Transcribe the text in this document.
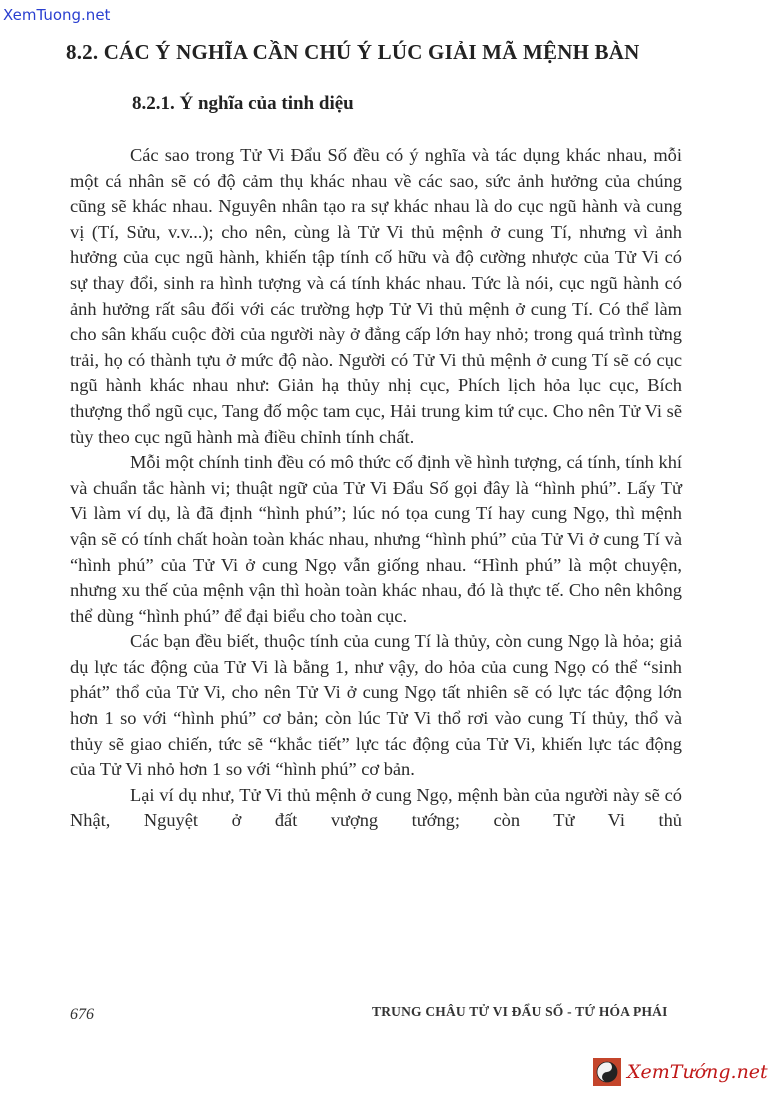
XemTuong.net
8.2. CÁC Ý NGHĨA CẦN CHÚ Ý LÚC GIẢI MÃ MỆNH BÀN
8.2.1. Ý nghĩa của tinh diệu

Các sao trong Tử Vi Đẩu Số đều có ý nghĩa và tác dụng khác nhau, mỗi một cá nhân sẽ có độ cảm thụ khác nhau về các sao, sức ảnh hưởng của chúng cũng sẽ khác nhau. Nguyên nhân tạo ra sự khác nhau là do cục ngũ hành và cung vị (Tí, Sửu, v.v...); cho nên, cùng là Tử Vi thủ mệnh ở cung Tí, nhưng vì ảnh hưởng của cục ngũ hành, khiến tập tính cố hữu và độ cường nhược của Tử Vi có sự thay đổi, sinh ra hình tượng và cá tính khác nhau. Tức là nói, cục ngũ hành có ảnh hưởng rất sâu đối với các trường hợp Tử Vi thủ mệnh ở cung Tí. Có thể làm cho sân khấu cuộc đời của người này ở đẳng cấp lớn hay nhỏ; trong quá trình từng trải, họ có thành tựu ở mức độ nào. Người có Tử Vi thủ mệnh ở cung Tí sẽ có cục ngũ hành khác nhau như: Giản hạ thủy nhị cục, Phích lịch hỏa lục cục, Bích thượng thổ ngũ cục, Tang đố mộc tam cục, Hải trung kim tứ cục. Cho nên Tử Vi sẽ tùy theo cục ngũ hành mà điều chỉnh tính chất.

Mỗi một chính tinh đều có mô thức cố định về hình tượng, cá tính, tính khí và chuẩn tắc hành vi; thuật ngữ của Tử Vi Đẩu Số gọi đây là “hình phú”. Lấy Tử Vi làm ví dụ, là đã định “hình phú”; lúc nó tọa cung Tí hay cung Ngọ, thì mệnh vận sẽ có tính chất hoàn toàn khác nhau, nhưng “hình phú” của Tử Vi ở cung Tí và “hình phú” của Tử Vi ở cung Ngọ vẫn giống nhau. “Hình phú” là một chuyện, nhưng xu thế của mệnh vận thì hoàn toàn khác nhau, đó là thực tế. Cho nên không thể dùng “hình phú” để đại biểu cho toàn cục.

Các bạn đều biết, thuộc tính của cung Tí là thủy, còn cung Ngọ là hỏa; giả dụ lực tác động của Tử Vi là bằng 1, như vậy, do hỏa của cung Ngọ có thể “sinh phát” thổ của Tử Vi, cho nên Tử Vi ở cung Ngọ tất nhiên sẽ có lực tác động lớn hơn 1 so với “hình phú” cơ bản; còn lúc Tử Vi thổ rơi vào cung Tí thủy, thổ và thủy sẽ giao chiến, tức sẽ “khắc tiết” lực tác động của Tử Vi, khiến lực tác động của Tử Vi nhỏ hơn 1 so với “hình phú” cơ bản.

Lại ví dụ như, Tử Vi thủ mệnh ở cung Ngọ, mệnh bàn của người này sẽ có Nhật, Nguyệt ở đất vượng tướng; còn Tử Vi thủ

676	TRUNG CHÂU TỬ VI ĐẨU SỐ - TỨ HÓA PHÁI
XemTướng.net
